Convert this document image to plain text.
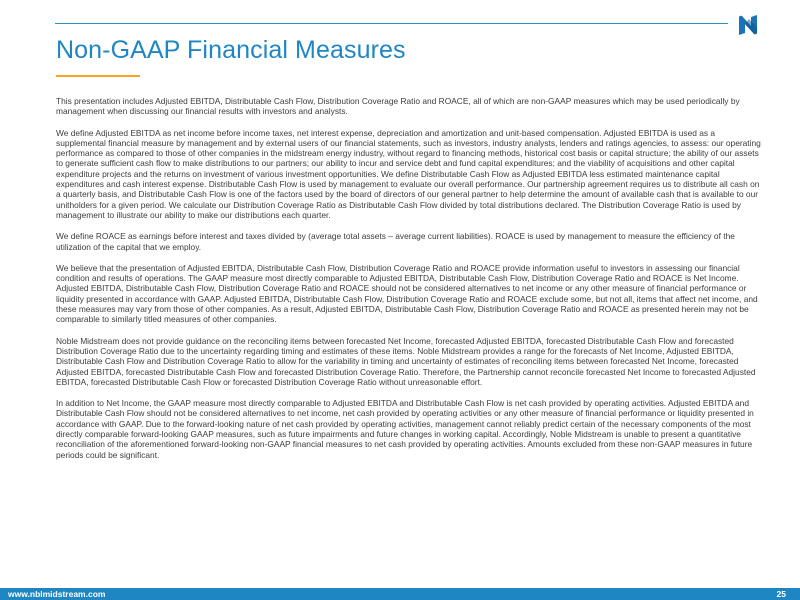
Non-GAAP Financial Measures

This presentation includes Adjusted EBITDA, Distributable Cash Flow, Distribution Coverage Ratio and ROACE, all of which are non-GAAP measures which may be used periodically by management when discussing our financial results with investors and analysts.

We define Adjusted EBITDA as net income before income taxes, net interest expense, depreciation and amortization and unit-based compensation. Adjusted EBITDA is used as a supplemental financial measure by management and by external users of our financial statements, such as investors, industry analysts, lenders and ratings agencies, to assess: our operating performance as compared to those of other companies in the midstream energy industry, without regard to financing methods, historical cost basis or capital structure; the ability of our assets to generate sufficient cash flow to make distributions to our partners; our ability to incur and service debt and fund capital expenditures; and the viability of acquisitions and other capital expenditure projects and the returns on investment of various investment opportunities. We define Distributable Cash Flow as Adjusted EBITDA less estimated maintenance capital expenditures and cash interest expense. Distributable Cash Flow is used by management to evaluate our overall performance. Our partnership agreement requires us to distribute all cash on a quarterly basis, and Distributable Cash Flow is one of the factors used by the board of directors of our general partner to help determine the amount of available cash that is available to our unitholders for a given period. We calculate our Distribution Coverage Ratio as Distributable Cash Flow divided by total distributions declared. The Distribution Coverage Ratio is used by management to illustrate our ability to make our distributions each quarter.

We define ROACE as earnings before interest and taxes divided by (average total assets – average current liabilities). ROACE is used by management to measure the efficiency of the utilization of the capital that we employ.

We believe that the presentation of Adjusted EBITDA, Distributable Cash Flow, Distribution Coverage Ratio and ROACE provide information useful to investors in assessing our financial condition and results of operations. The GAAP measure most directly comparable to Adjusted EBITDA, Distributable Cash Flow, Distribution Coverage Ratio and ROACE is Net Income. Adjusted EBITDA, Distributable Cash Flow, Distribution Coverage Ratio and ROACE should not be considered alternatives to net income or any other measure of financial performance or liquidity presented in accordance with GAAP. Adjusted EBITDA, Distributable Cash Flow, Distribution Coverage Ratio and ROACE exclude some, but not all, items that affect net income, and these measures may vary from those of other companies. As a result, Adjusted EBITDA, Distributable Cash Flow, Distribution Coverage Ratio and ROACE as presented herein may not be comparable to similarly titled measures of other companies.

Noble Midstream does not provide guidance on the reconciling items between forecasted Net Income, forecasted Adjusted EBITDA, forecasted Distributable Cash Flow and forecasted Distribution Coverage Ratio due to the uncertainty regarding timing and estimates of these items. Noble Midstream provides a range for the forecasts of Net Income, Adjusted EBITDA, Distributable Cash Flow and Distribution Coverage Ratio to allow for the variability in timing and uncertainty of estimates of reconciling items between forecasted Net Income, forecasted Adjusted EBITDA, forecasted Distributable Cash Flow and forecasted Distribution Coverage Ratio. Therefore, the Partnership cannot reconcile forecasted Net Income to forecasted Adjusted EBITDA, forecasted Distributable Cash Flow or forecasted Distribution Coverage Ratio without unreasonable effort.

In addition to Net Income, the GAAP measure most directly comparable to Adjusted EBITDA and Distributable Cash Flow is net cash provided by operating activities. Adjusted EBITDA and Distributable Cash Flow should not be considered alternatives to net income, net cash provided by operating activities or any other measure of financial performance or liquidity presented in accordance with GAAP. Due to the forward-looking nature of net cash provided by operating activities, management cannot reliably predict certain of the necessary components of the most directly comparable forward-looking GAAP measures, such as future impairments and future changes in working capital. Accordingly, Noble Midstream is unable to present a quantitative reconciliation of the aforementioned forward-looking non-GAAP financial measures to net cash provided by operating activities. Amounts excluded from these non-GAAP measures in future periods could be significant.

www.nblmidstream.com	25
